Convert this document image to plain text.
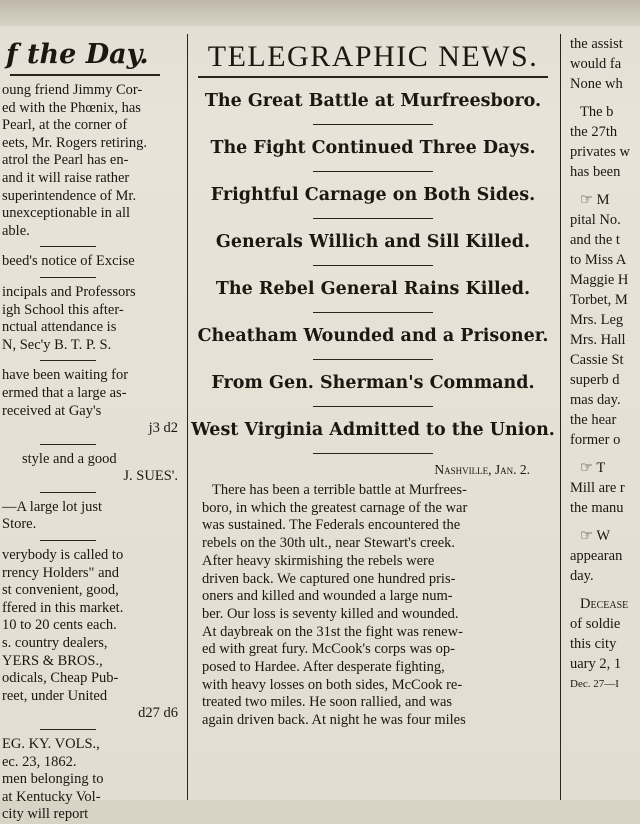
f the Day.
oung friend Jimmy Cor-
ed with the Phœnix, has
Pearl, at the corner of
eets, Mr. Rogers retiring.
atrol the Pearl has en-
and it will raise rather
superintendence of Mr.
unexceptionable in all
able.
beed's notice of Excise
incipals and Professors
igh School this after-
nctual attendance is
N, Sec'y B. T. P. S.
have been waiting for
ermed that a large as-
received at Gay's
j3 d2
style and a good
J. SUES'.
—A large lot just
Store.
verybody is called to
rrency Holders" and
st convenient, good,
ffered in this market.
10 to 20 cents each.
s. country dealers,
YERS & BROS.,
odicals, Cheap Pub-
reet, under United
d27 d6
EG. KY. VOLS.,
ec. 23, 1862.
men belonging to
at Kentucky Vol-
city will report
TELEGRAPHIC NEWS.
The Great Battle at Murfreesboro.
The Fight Continued Three Days.
Frightful Carnage on Both Sides.
Generals Willich and Sill Killed.
The Rebel General Rains Killed.
Cheatham Wounded and a Prisoner.
From Gen. Sherman's Command.
West Virginia Admitted to the Union.
Nashville, Jan. 2.
There has been a terrible battle at Murfrees-
boro, in which the greatest carnage of the war
was sustained. The Federals encountered the
rebels on the 30th ult., near Stewart's creek.
After heavy skirmishing the rebels were
driven back. We captured one hundred pris-
oners and killed and wounded a large num-
ber. Our loss is seventy killed and wounded.
At daybreak on the 31st the fight was renew-
ed with great fury. McCook's corps was op-
posed to Hardee. After desperate fighting,
with heavy losses on both sides, McCook re-
treated two miles. He soon rallied, and was
again driven back. At night he was four miles
the assist
would fa
None wh
The b
the 27th
privates w
has been
☞ M
pital No.
and the t
to Miss A
Maggie H
Torbet, M
Mrs. Leg
Mrs. Hall
Cassie St
superb d
mas day.
the hear
former o
☞ T
Mill are r
the manu
☞ W
appearan
day.
Decease
of soldie
this city
uary 2, 1
Dec. 27—I
